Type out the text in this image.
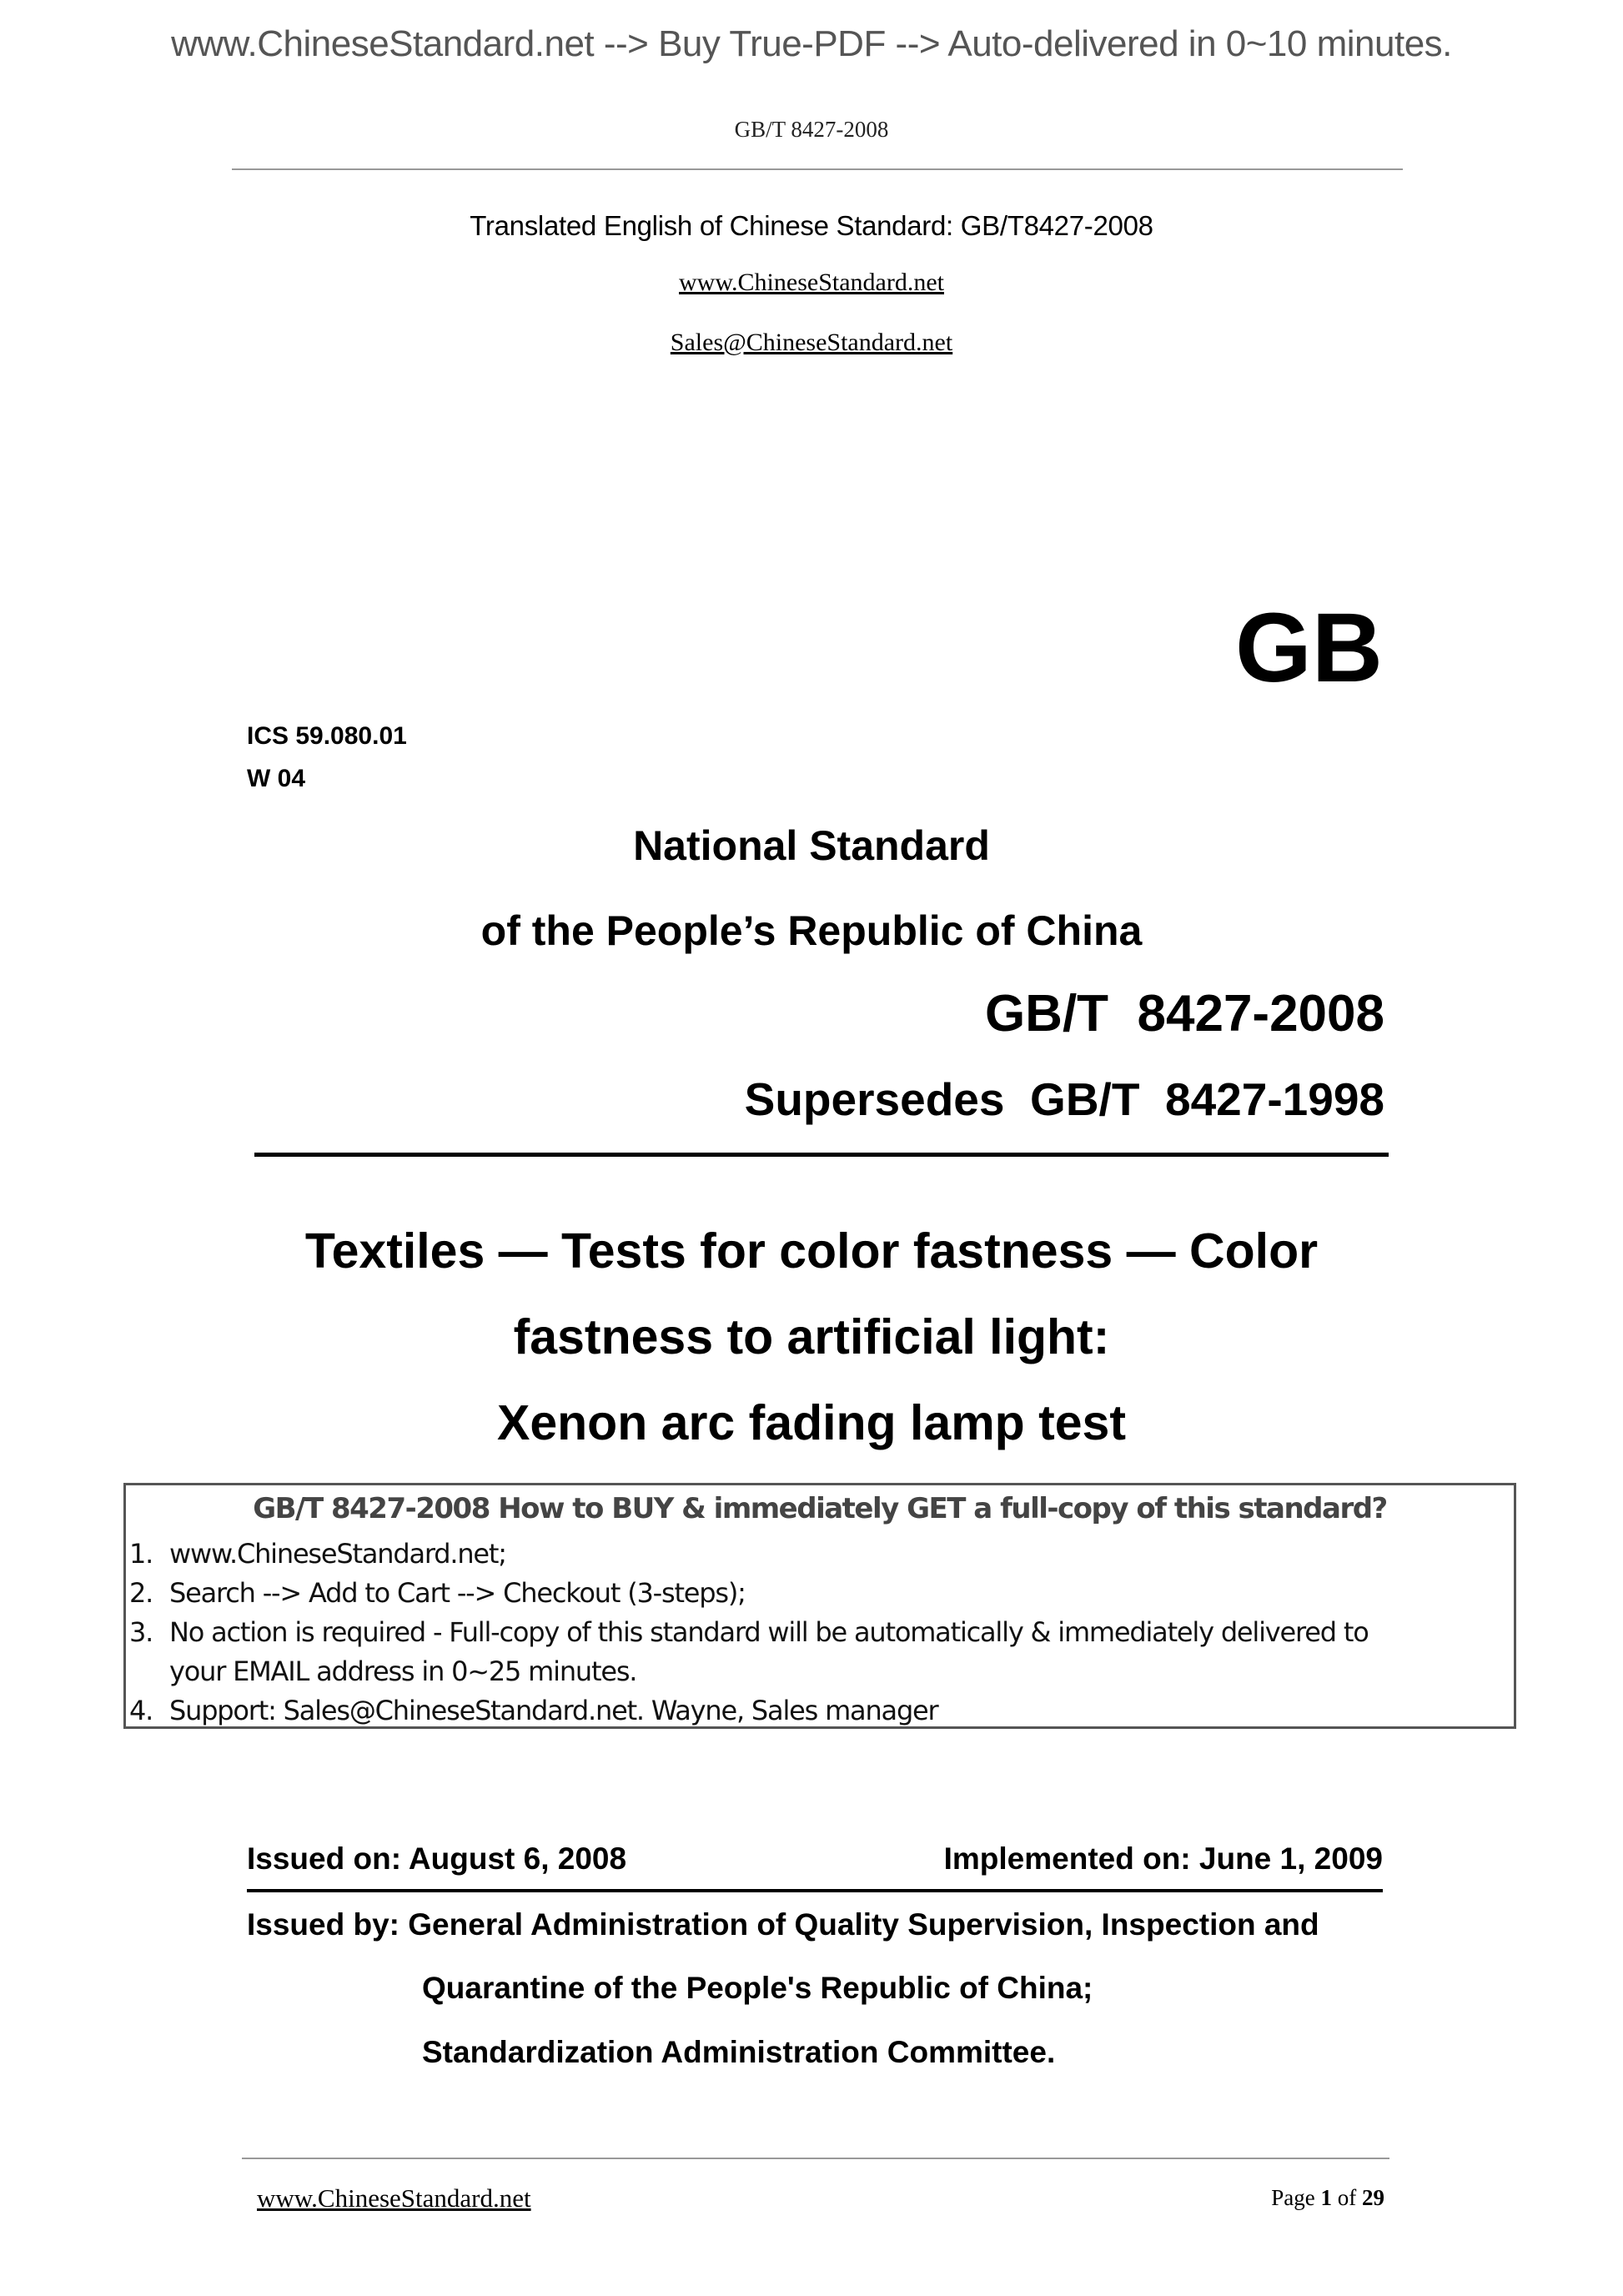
www.ChineseStandard.net --> Buy True-PDF --> Auto-delivered in 0~10 minutes.
GB/T 8427-2008
Translated English of Chinese Standard: GB/T8427-2008
www.ChineseStandard.net
Sales@ChineseStandard.net
GB
ICS 59.080.01
W 04
National Standard
of the People’s Republic of China
GB/T  8427-2008
Supersedes  GB/T  8427-1998
Textiles — Tests for color fastness — Color
fastness to artificial light:
Xenon arc fading lamp test
GB/T 8427-2008 How to BUY & immediately GET a full-copy of this standard?
1. www.ChineseStandard.net;
2. Search --> Add to Cart --> Checkout (3-steps);
3. No action is required - Full-copy of this standard will be automatically & immediately delivered to
your EMAIL address in 0~25 minutes.
4. Support: Sales@ChineseStandard.net. Wayne, Sales manager
Issued on: August 6, 2008	Implemented on: June 1, 2009
Issued by: General Administration of Quality Supervision, Inspection and
Quarantine of the People's Republic of China;
Standardization Administration Committee.
www.ChineseStandard.net	Page 1 of 29
